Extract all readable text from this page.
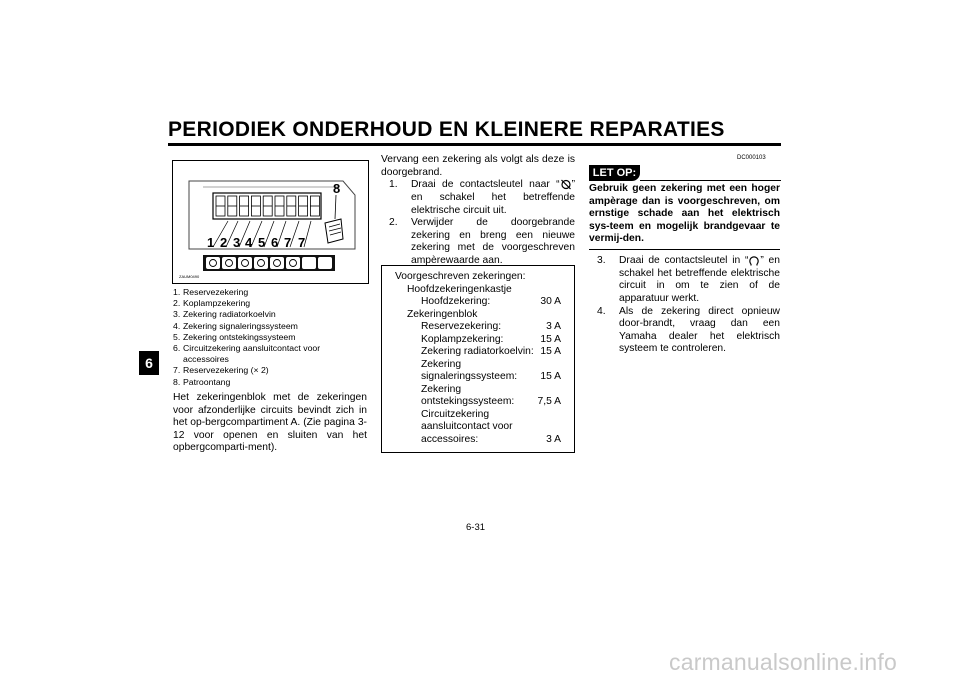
PERIODIEK ONDERHOUD EN KLEINERE REPARATIES
6
8
1 2 3 4 5 6 7 7
ZAUM0490
1. Reservezekering
2. Koplampzekering
3. Zekering radiatorkoelvin
4. Zekering signaleringssysteem
5. Zekering ontstekingssysteem
6. Circuitzekering aansluitcontact voor accessoires
7. Reservezekering (× 2)
8. Patroontang

Het zekeringenblok met de zekeringen voor afzonderlijke circuits bevindt zich in het op-bergcompartiment A. (Zie pagina 3-12 voor openen en sluiten van het opbergcomparti-ment).

Vervang een zekering als volgt als deze is doorgebrand.

1.	Draai de contactsleutel naar “ ” en schakel het betreffende elektrische circuit uit.
2.	Verwijder de doorgebrande zekering en breng een nieuwe zekering met de voorgeschreven ampèrewaarde aan.
Voorgeschreven zekeringen:
Hoofdzekeringenkastje
Hoofdzekering:	30 A
Zekeringenblok
Reservezekering:	3 A
Koplampzekering:	15 A
Zekering radiatorkoelvin: 15 A
Zekering
signaleringssysteem: 15 A
Zekering
ontstekingssysteem: 7,5 A
Circuitzekering
aansluitcontact voor
accessoires:	3 A
DC000103
LET OP:

Gebruik geen zekering met een hoger ampèrage dan is voorgeschreven, om ernstige schade aan het elektrisch sys-teem en mogelijk brandgevaar te vermij-den.

3.	Draai de contactsleutel in “ ” en schakel het betreffende elektrische circuit in om te zien of de apparatuur werkt.
4.	Als de zekering direct opnieuw door-brandt, vraag dan een Yamaha dealer het elektrisch systeem te controleren.
6-31
carmanualsonline.info
